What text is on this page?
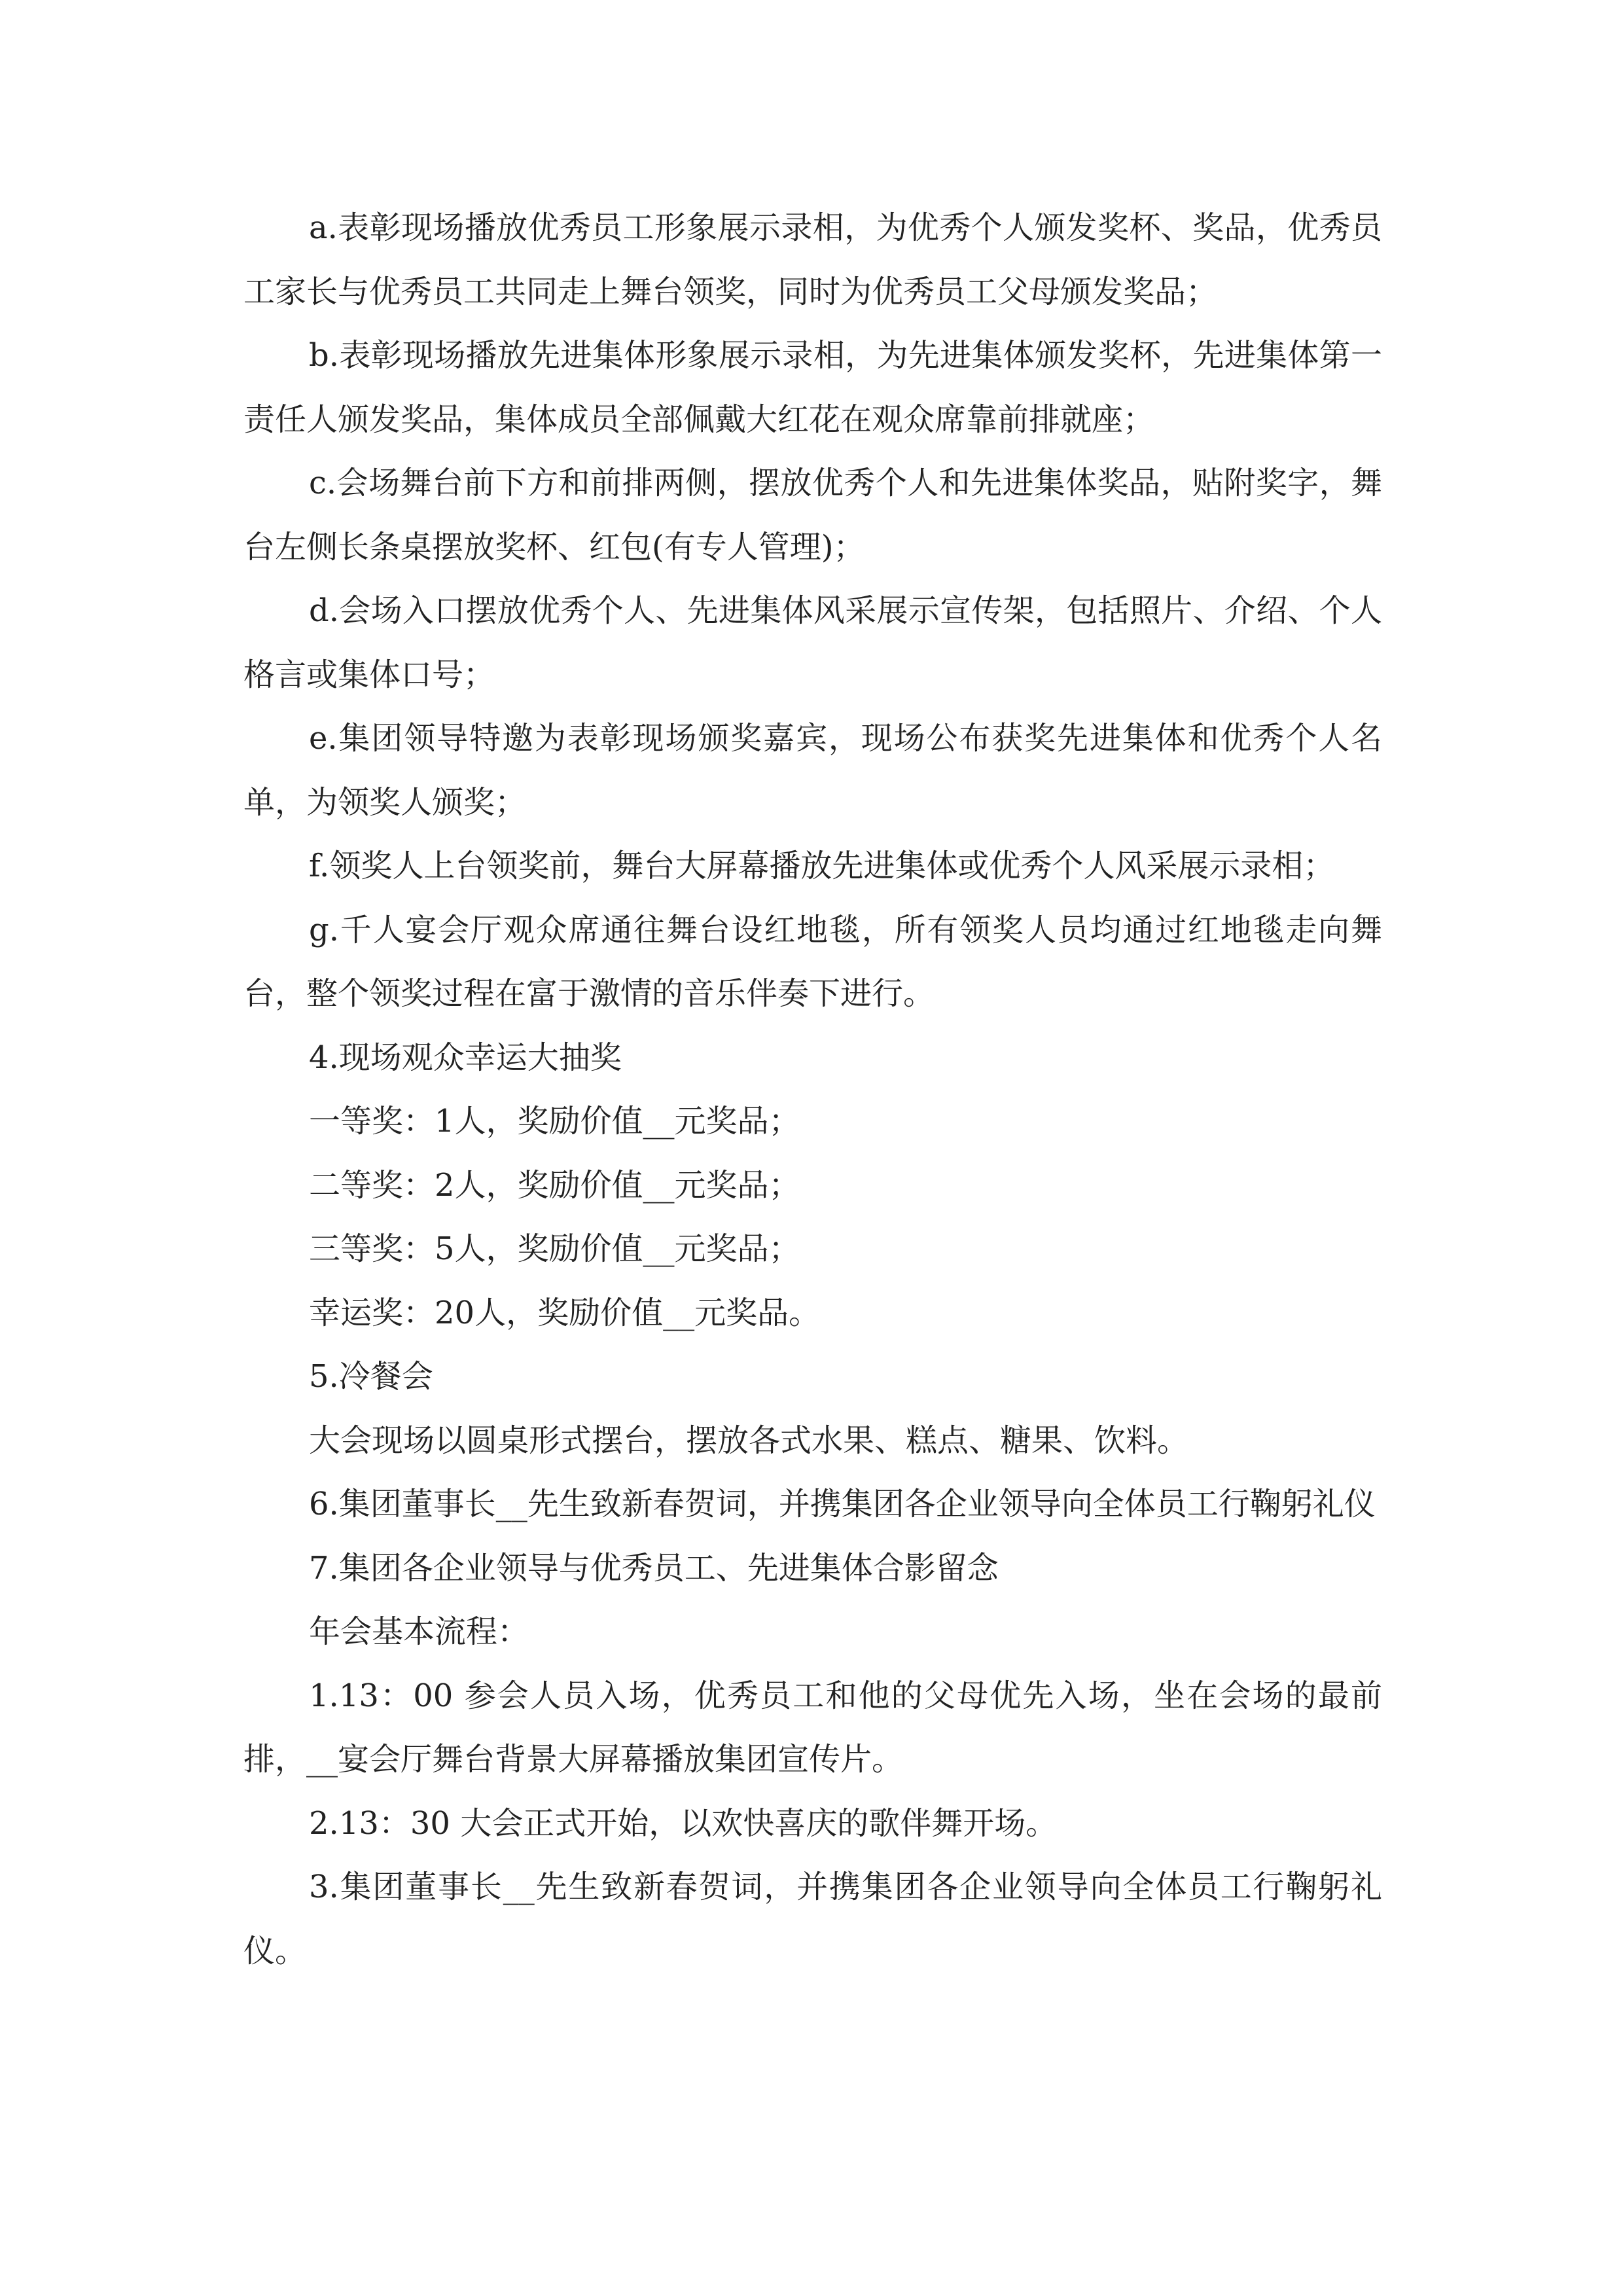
a.表彰现场播放优秀员工形象展示录相，为优秀个人颁发奖杯、奖品，优秀员工家长与优秀员工共同走上舞台领奖，同时为优秀员工父母颁发奖品；

b.表彰现场播放先进集体形象展示录相，为先进集体颁发奖杯，先进集体第一责任人颁发奖品，集体成员全部佩戴大红花在观众席靠前排就座；

c.会场舞台前下方和前排两侧，摆放优秀个人和先进集体奖品，贴附奖字，舞台左侧长条桌摆放奖杯、红包(有专人管理)；

d.会场入口摆放优秀个人、先进集体风采展示宣传架，包括照片、介绍、个人格言或集体口号；

e.集团领导特邀为表彰现场颁奖嘉宾，现场公布获奖先进集体和优秀个人名单，为领奖人颁奖；

f.领奖人上台领奖前，舞台大屏幕播放先进集体或优秀个人风采展示录相；

g.千人宴会厅观众席通往舞台设红地毯，所有领奖人员均通过红地毯走向舞台，整个领奖过程在富于激情的音乐伴奏下进行。

4.现场观众幸运大抽奖

一等奖：1人，奖励价值__元奖品；

二等奖：2人，奖励价值__元奖品；

三等奖：5人，奖励价值__元奖品；

幸运奖：20人，奖励价值__元奖品。

5.冷餐会

大会现场以圆桌形式摆台，摆放各式水果、糕点、糖果、饮料。

6.集团董事长__先生致新春贺词，并携集团各企业领导向全体员工行鞠躬礼仪

7.集团各企业领导与优秀员工、先进集体合影留念

年会基本流程：

1.13：00 参会人员入场，优秀员工和他的父母优先入场，坐在会场的最前排，__宴会厅舞台背景大屏幕播放集团宣传片。

2.13：30 大会正式开始，以欢快喜庆的歌伴舞开场。

3.集团董事长__先生致新春贺词，并携集团各企业领导向全体员工行鞠躬礼仪。
